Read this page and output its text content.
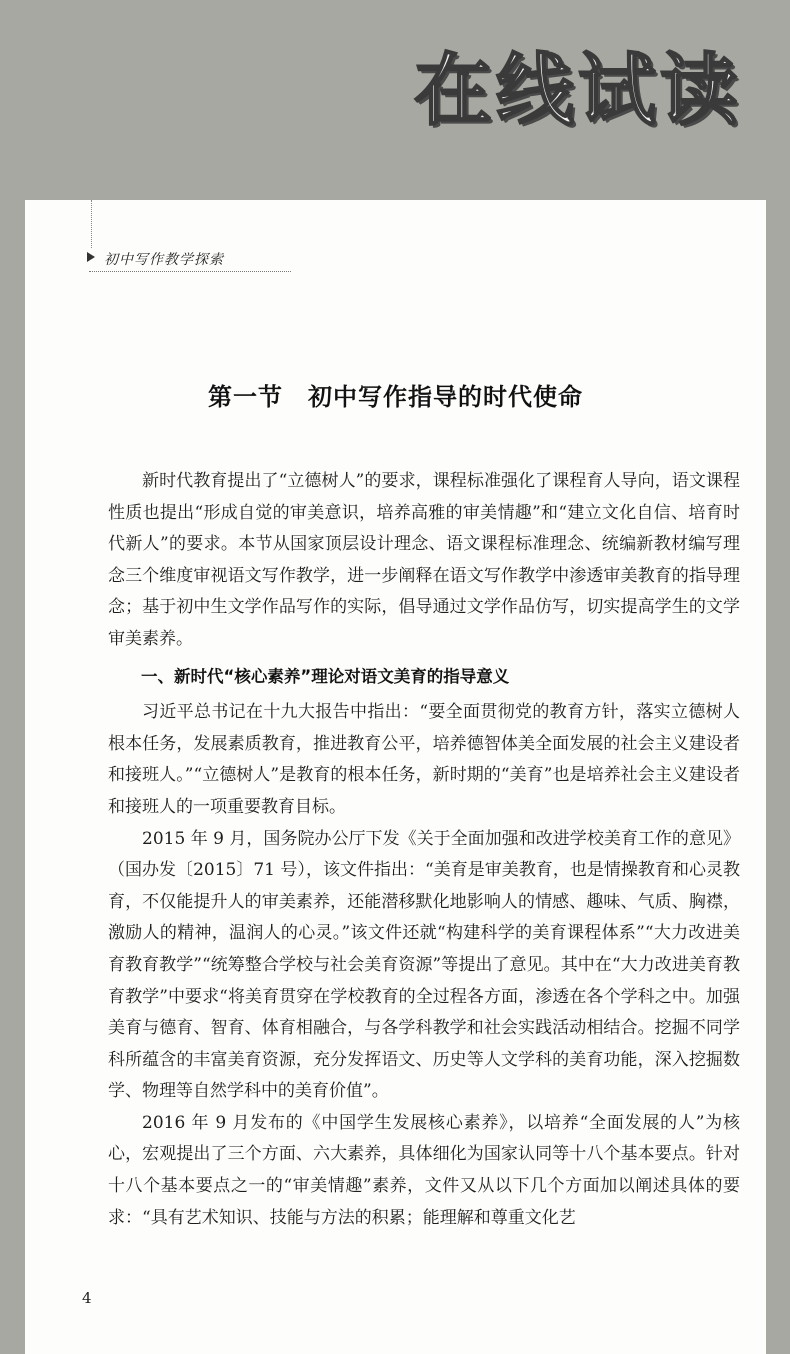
在线试读
初中写作教学探索
第一节　初中写作指导的时代使命

新时代教育提出了“立德树人”的要求，课程标准强化了课程育人导向，语文课程性质也提出“形成自觉的审美意识，培养高雅的审美情趣”和“建立文化自信、培育时代新人”的要求。本节从国家顶层设计理念、语文课程标准理念、统编新教材编写理念三个维度审视语文写作教学，进一步阐释在语文写作教学中渗透审美教育的指导理念；基于初中生文学作品写作的实际，倡导通过文学作品仿写，切实提高学生的文学审美素养。

一、新时代“核心素养”理论对语文美育的指导意义

习近平总书记在十九大报告中指出：“要全面贯彻党的教育方针，落实立德树人根本任务，发展素质教育，推进教育公平，培养德智体美全面发展的社会主义建设者和接班人。”“立德树人”是教育的根本任务，新时期的“美育”也是培养社会主义建设者和接班人的一项重要教育目标。

2015 年 9 月，国务院办公厅下发《关于全面加强和改进学校美育工作的意见》（国办发〔2015〕71 号），该文件指出：“美育是审美教育，也是情操教育和心灵教育，不仅能提升人的审美素养，还能潜移默化地影响人的情感、趣味、气质、胸襟，激励人的精神，温润人的心灵。”该文件还就“构建科学的美育课程体系”“大力改进美育教育教学”“统筹整合学校与社会美育资源”等提出了意见。其中在“大力改进美育教育教学”中要求“将美育贯穿在学校教育的全过程各方面，渗透在各个学科之中。加强美育与德育、智育、体育相融合，与各学科教学和社会实践活动相结合。挖掘不同学科所蕴含的丰富美育资源，充分发挥语文、历史等人文学科的美育功能，深入挖掘数学、物理等自然学科中的美育价值”。

2016 年 9 月发布的《中国学生发展核心素养》，以培养“全面发展的人”为核心，宏观提出了三个方面、六大素养，具体细化为国家认同等十八个基本要点。针对十八个基本要点之一的“审美情趣”素养，文件又从以下几个方面加以阐述具体的要求：“具有艺术知识、技能与方法的积累；能理解和尊重文化艺

4
